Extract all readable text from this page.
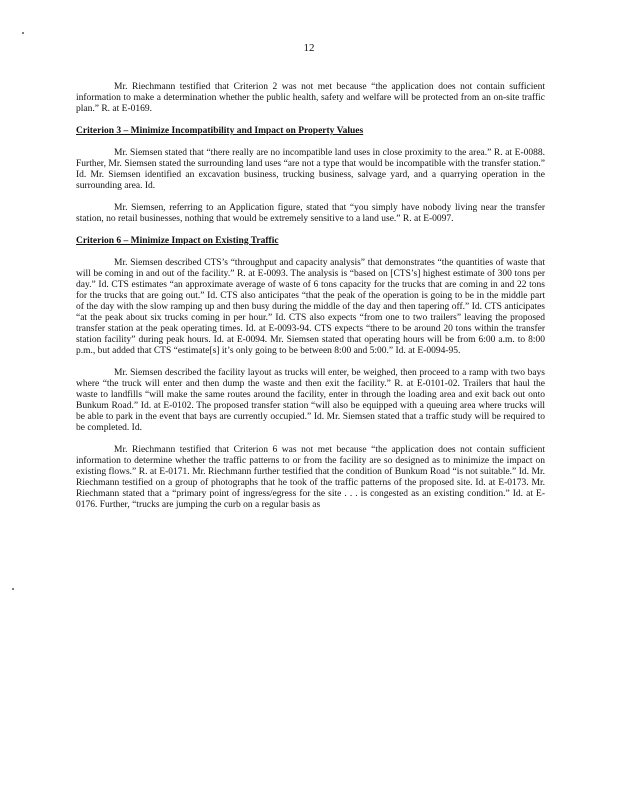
12

Mr. Riechmann testified that Criterion 2 was not met because “the application does not contain sufficient information to make a determination whether the public health, safety and welfare will be protected from an on-site traffic plan.” R. at E-0169.

Criterion 3 – Minimize Incompatibility and Impact on Property Values

Mr. Siemsen stated that “there really are no incompatible land uses in close proximity to the area.” R. at E-0088. Further, Mr. Siemsen stated the surrounding land uses “are not a type that would be incompatible with the transfer station.” Id. Mr. Siemsen identified an excavation business, trucking business, salvage yard, and a quarrying operation in the surrounding area. Id.

Mr. Siemsen, referring to an Application figure, stated that “you simply have nobody living near the transfer station, no retail businesses, nothing that would be extremely sensitive to a land use.” R. at E-0097.

Criterion 6 – Minimize Impact on Existing Traffic

Mr. Siemsen described CTS’s “throughput and capacity analysis” that demonstrates “the quantities of waste that will be coming in and out of the facility.” R. at E-0093. The analysis is “based on [CTS’s] highest estimate of 300 tons per day.” Id. CTS estimates “an approximate average of waste of 6 tons capacity for the trucks that are coming in and 22 tons for the trucks that are going out.” Id. CTS also anticipates “that the peak of the operation is going to be in the middle part of the day with the slow ramping up and then busy during the middle of the day and then tapering off.” Id. CTS anticipates “at the peak about six trucks coming in per hour.” Id. CTS also expects “from one to two trailers” leaving the proposed transfer station at the peak operating times. Id. at E-0093-94. CTS expects “there to be around 20 tons within the transfer station facility” during peak hours. Id. at E-0094. Mr. Siemsen stated that operating hours will be from 6:00 a.m. to 8:00 p.m., but added that CTS “estimate[s] it’s only going to be between 8:00 and 5:00.” Id. at E-0094-95.

Mr. Siemsen described the facility layout as trucks will enter, be weighed, then proceed to a ramp with two bays where “the truck will enter and then dump the waste and then exit the facility.” R. at E-0101-02. Trailers that haul the waste to landfills “will make the same routes around the facility, enter in through the loading area and exit back out onto Bunkum Road.” Id. at E-0102. The proposed transfer station “will also be equipped with a queuing area where trucks will be able to park in the event that bays are currently occupied.” Id. Mr. Siemsen stated that a traffic study will be required to be completed. Id.

Mr. Riechmann testified that Criterion 6 was not met because “the application does not contain sufficient information to determine whether the traffic patterns to or from the facility are so designed as to minimize the impact on existing flows.” R. at E-0171. Mr. Riechmann further testified that the condition of Bunkum Road “is not suitable.” Id. Mr. Riechmann testified on a group of photographs that he took of the traffic patterns of the proposed site. Id. at E-0173. Mr. Riechmann stated that a “primary point of ingress/egress for the site . . . is congested as an existing condition.” Id. at E-0176. Further, “trucks are jumping the curb on a regular basis as
